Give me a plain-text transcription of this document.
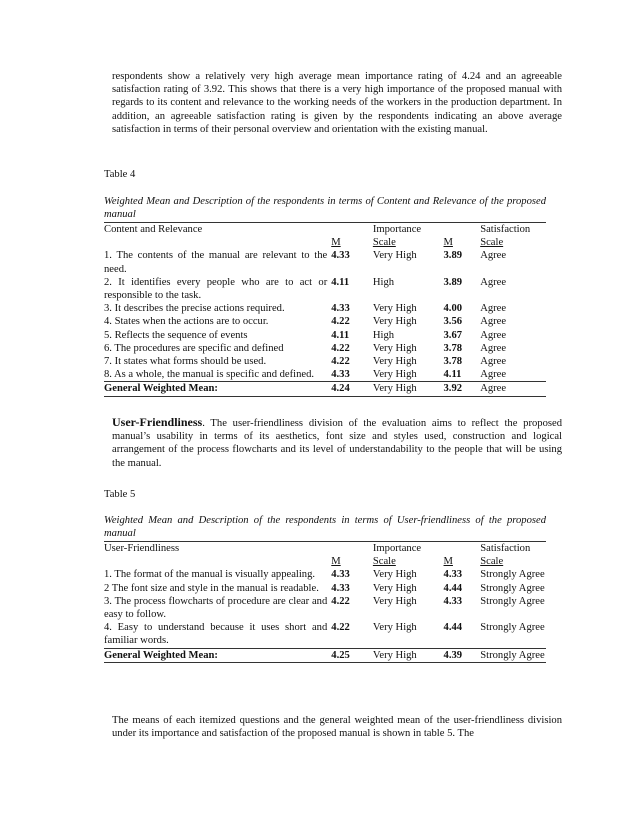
respondents show a relatively very high average mean importance rating of 4.24 and an agreeable satisfaction rating of 3.92. This shows that there is a very high importance of the proposed manual with regards to its content and relevance to the working needs of the workers in the production department. In addition, an agreeable satisfaction rating is given by the respondents indicating an above average satisfaction in terms of their personal overview and orientation with the existing manual.

Table 4

Weighted Mean and Description of the respondents in terms of Content and Relevance of the proposed manual

Content and Relevance		Importance		Satisfaction
	M	Scale	M	Scale
1. The contents of the manual are relevant to the need.	4.33	Very High	3.89	Agree
2. It identifies every people who are to act or responsible to the task.	4.11	High	3.89	Agree
3. It describes the precise actions required.	4.33	Very High	4.00	Agree
4. States when the actions are to occur.	4.22	Very High	3.56	Agree
5. Reflects the sequence of events	4.11	High	3.67	Agree
6. The procedures are specific and defined	4.22	Very High	3.78	Agree
7. It states what forms should be used.	4.22	Very High	3.78	Agree
8. As a whole, the manual is specific and defined.	4.33	Very High	4.11	Agree
General Weighted Mean:	4.24	Very High	3.92	Agree

User-Friendliness. The user-friendliness division of the evaluation aims to reflect the proposed manual’s usability in terms of its aesthetics, font size and styles used, construction and logical arrangement of the process flowcharts and its level of understandability to the people that will be using the manual.

Table 5

Weighted Mean and Description of the respondents in terms of User-friendliness of the proposed manual

User-Friendliness		Importance		Satisfaction
	M	Scale	M	Scale
1. The format of the manual is visually appealing.	4.33	Very High	4.33	Strongly Agree
2 The font size and style in the manual is readable.	4.33	Very High	4.44	Strongly Agree
3. The process flowcharts of procedure are clear and easy to follow.	4.22	Very High	4.33	Strongly Agree
4. Easy to understand because it uses short and familiar words.	4.22	Very High	4.44	Strongly Agree
General Weighted Mean:	4.25	Very High	4.39	Strongly Agree

The means of each itemized questions and the general weighted mean of the user-friendliness division under its importance and satisfaction of the proposed manual is shown in table 5. The
